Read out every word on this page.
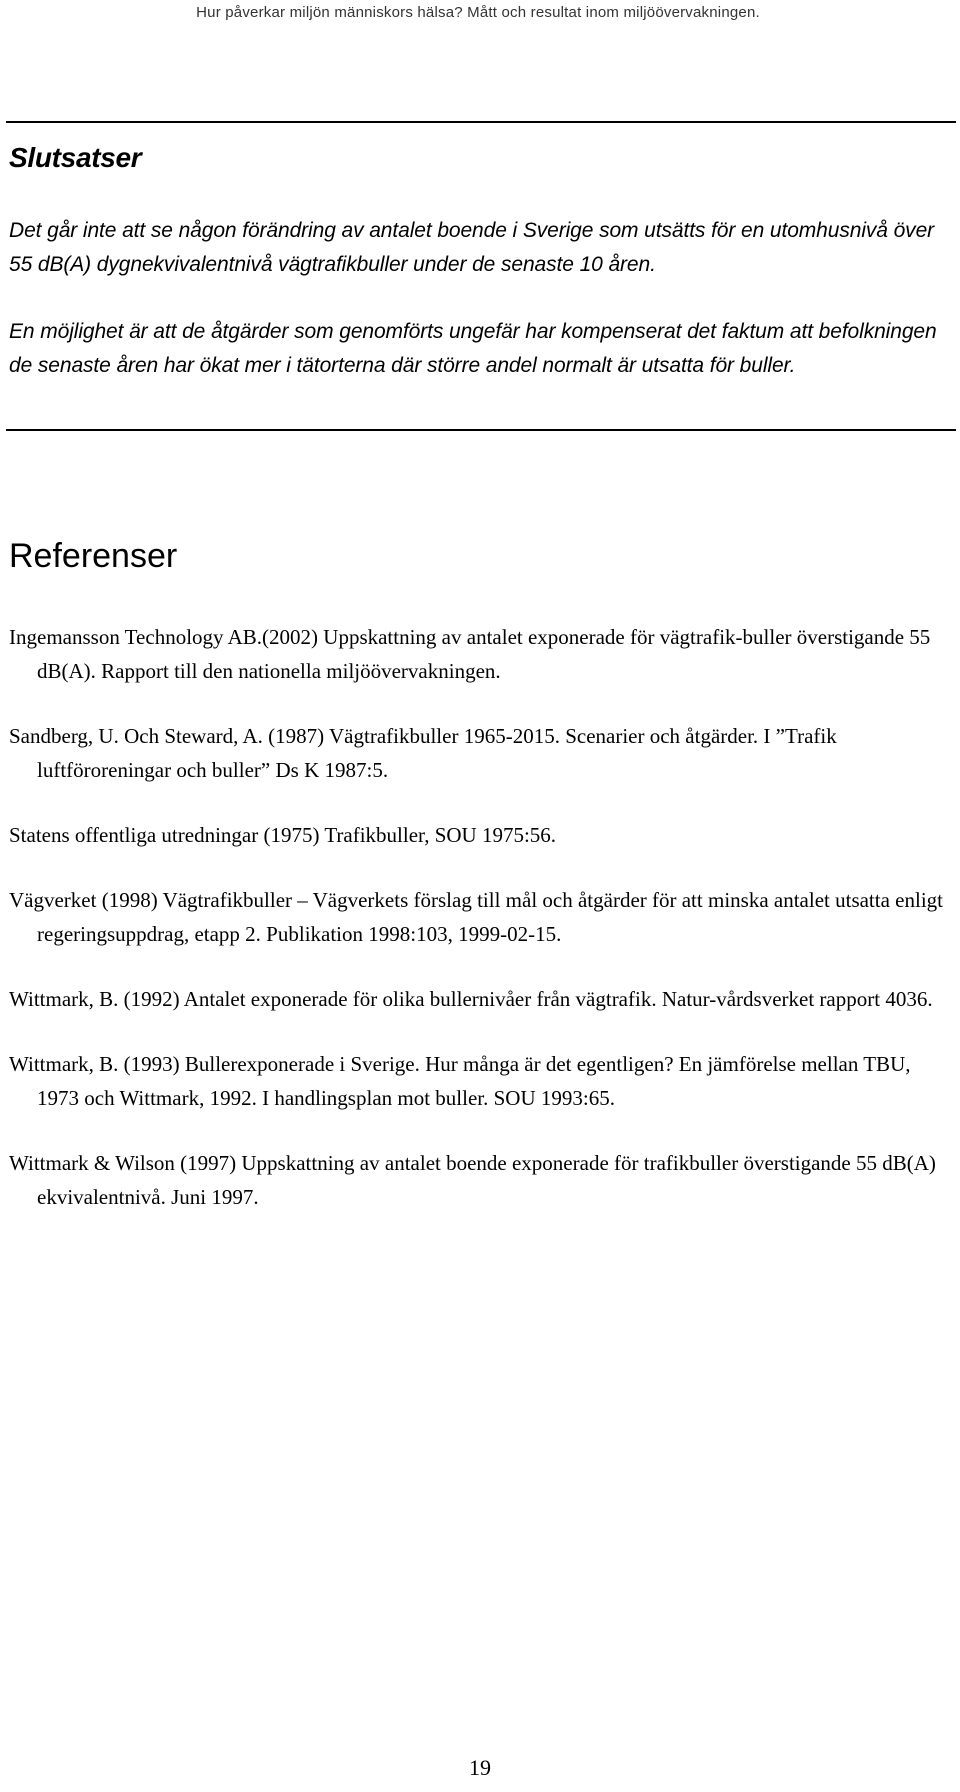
Hur påverkar miljön människors hälsa? Mått och resultat inom miljöövervakningen.
Slutsatser

Det går inte att se någon förändring av antalet boende i Sverige som utsätts för en utomhusnivå över 55 dB(A) dygnekvivalentnivå vägtrafikbuller under de senaste 10 åren.

En möjlighet är att de åtgärder som genomförts ungefär har kompenserat det faktum att befolkningen de senaste åren har ökat mer i tätorterna där större andel normalt är utsatta för buller.

Referenser

Ingemansson Technology AB.(2002) Uppskattning av antalet exponerade för vägtrafik-buller överstigande 55 dB(A). Rapport till den nationella miljöövervakningen.

Sandberg, U. Och Steward, A. (1987) Vägtrafikbuller 1965-2015. Scenarier och åtgärder. I ”Trafik luftföroreningar och buller” Ds K 1987:5.

Statens offentliga utredningar (1975) Trafikbuller, SOU 1975:56.

Vägverket (1998) Vägtrafikbuller – Vägverkets förslag till mål och åtgärder för att minska antalet utsatta enligt regeringsuppdrag, etapp 2. Publikation 1998:103, 1999-02-15.

Wittmark, B. (1992) Antalet exponerade för olika bullernivåer från vägtrafik. Natur-vårdsverket rapport 4036.

Wittmark, B. (1993) Bullerexponerade i Sverige. Hur många är det egentligen? En jämförelse mellan TBU, 1973 och Wittmark, 1992. I handlingsplan mot buller. SOU 1993:65.

Wittmark & Wilson (1997) Uppskattning av antalet boende exponerade för trafikbuller överstigande 55 dB(A) ekvivalentnivå. Juni 1997.

19
